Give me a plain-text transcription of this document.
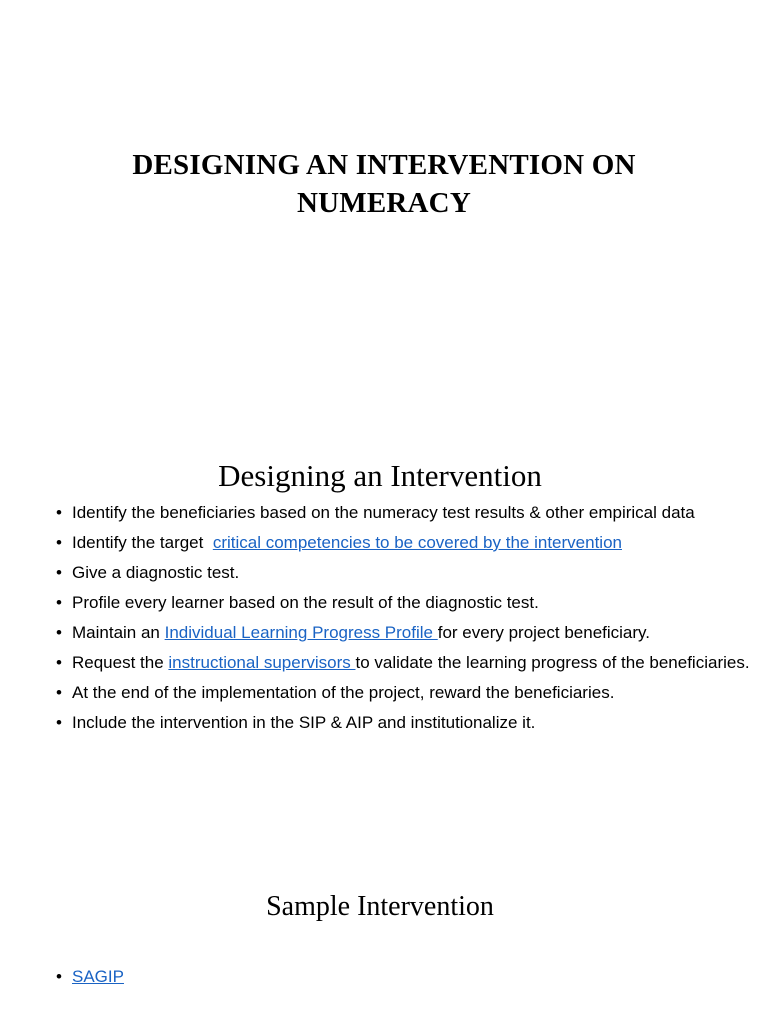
DESIGNING AN INTERVENTION ON
NUMERACY
Designing an Intervention
• Identify the beneficiaries based on the numeracy test results & other empirical data
• Identify the target  critical competencies to be covered by the intervention
• Give a diagnostic test.
• Profile every learner based on the result of the diagnostic test.
• Maintain an Individual Learning Progress Profile for every project beneficiary.
• Request the instructional supervisors to validate the learning progress of the beneficiaries.
• At the end of the implementation of the project, reward the beneficiaries.
• Include the intervention in the SIP & AIP and institutionalize it.
Sample Intervention
• SAGIP
